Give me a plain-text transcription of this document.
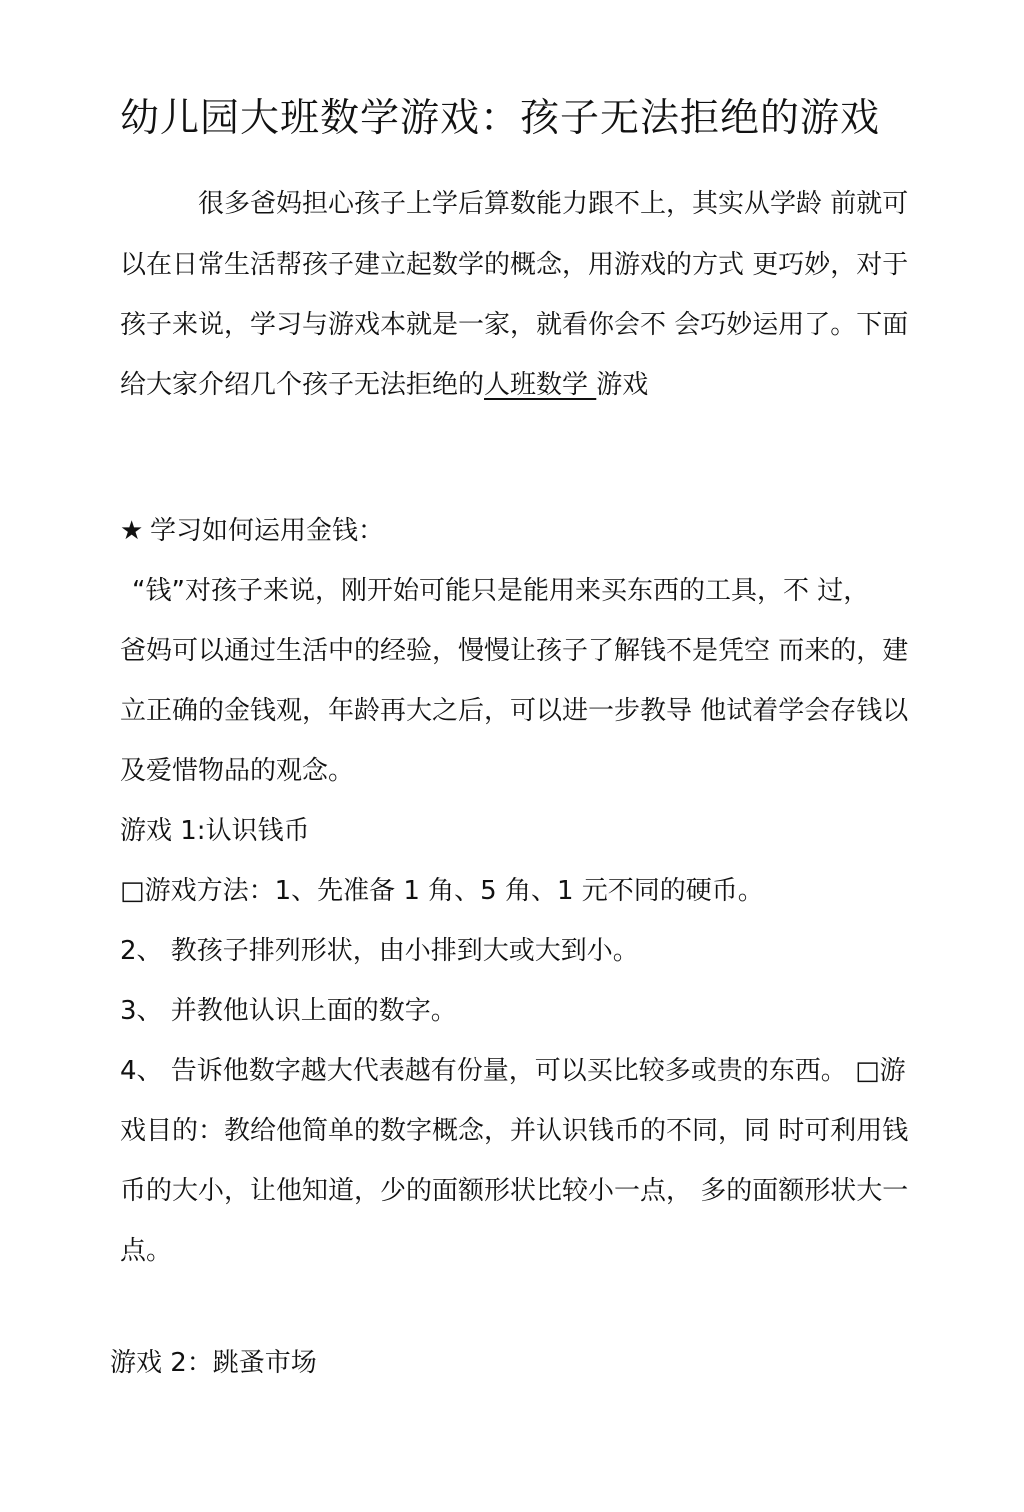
幼儿园大班数学游戏：孩子无法拒绝的游戏
很多爸妈担心孩子上学后算数能力跟不上，其实从学龄 前就可
以在日常生活帮孩子建立起数学的概念，用游戏的方式 更巧妙，对于
孩子来说，学习与游戏本就是一家，就看你会不 会巧妙运用了。下面
给大家介绍几个孩子无法拒绝的人班数学 游戏
★ 学习如何运用金钱：
“钱”对孩子来说，刚开始可能只是能用来买东西的工具，不 过，
爸妈可以通过生活中的经验，慢慢让孩子了解钱不是凭空 而来的，建
立正确的金钱观，年龄再大之后，可以进一步教导 他试着学会存钱以
及爱惜物品的观念。
游戏 1:认识钱币
□游戏方法：1、先准备 1 角、5 角、1 元不同的硬币。
2、 教孩子排列形状，由小排到大或大到小。
3、 并教他认识上面的数字。
4、 告诉他数字越大代表越有份量，可以买比较多或贵的东西。 □游
戏目的：教给他简单的数字概念，并认识钱币的不同，同 时可利用钱
币的大小，让他知道，少的面额形状比较小一点， 多的面额形状大一
点。
游戏 2：跳蚤市场
